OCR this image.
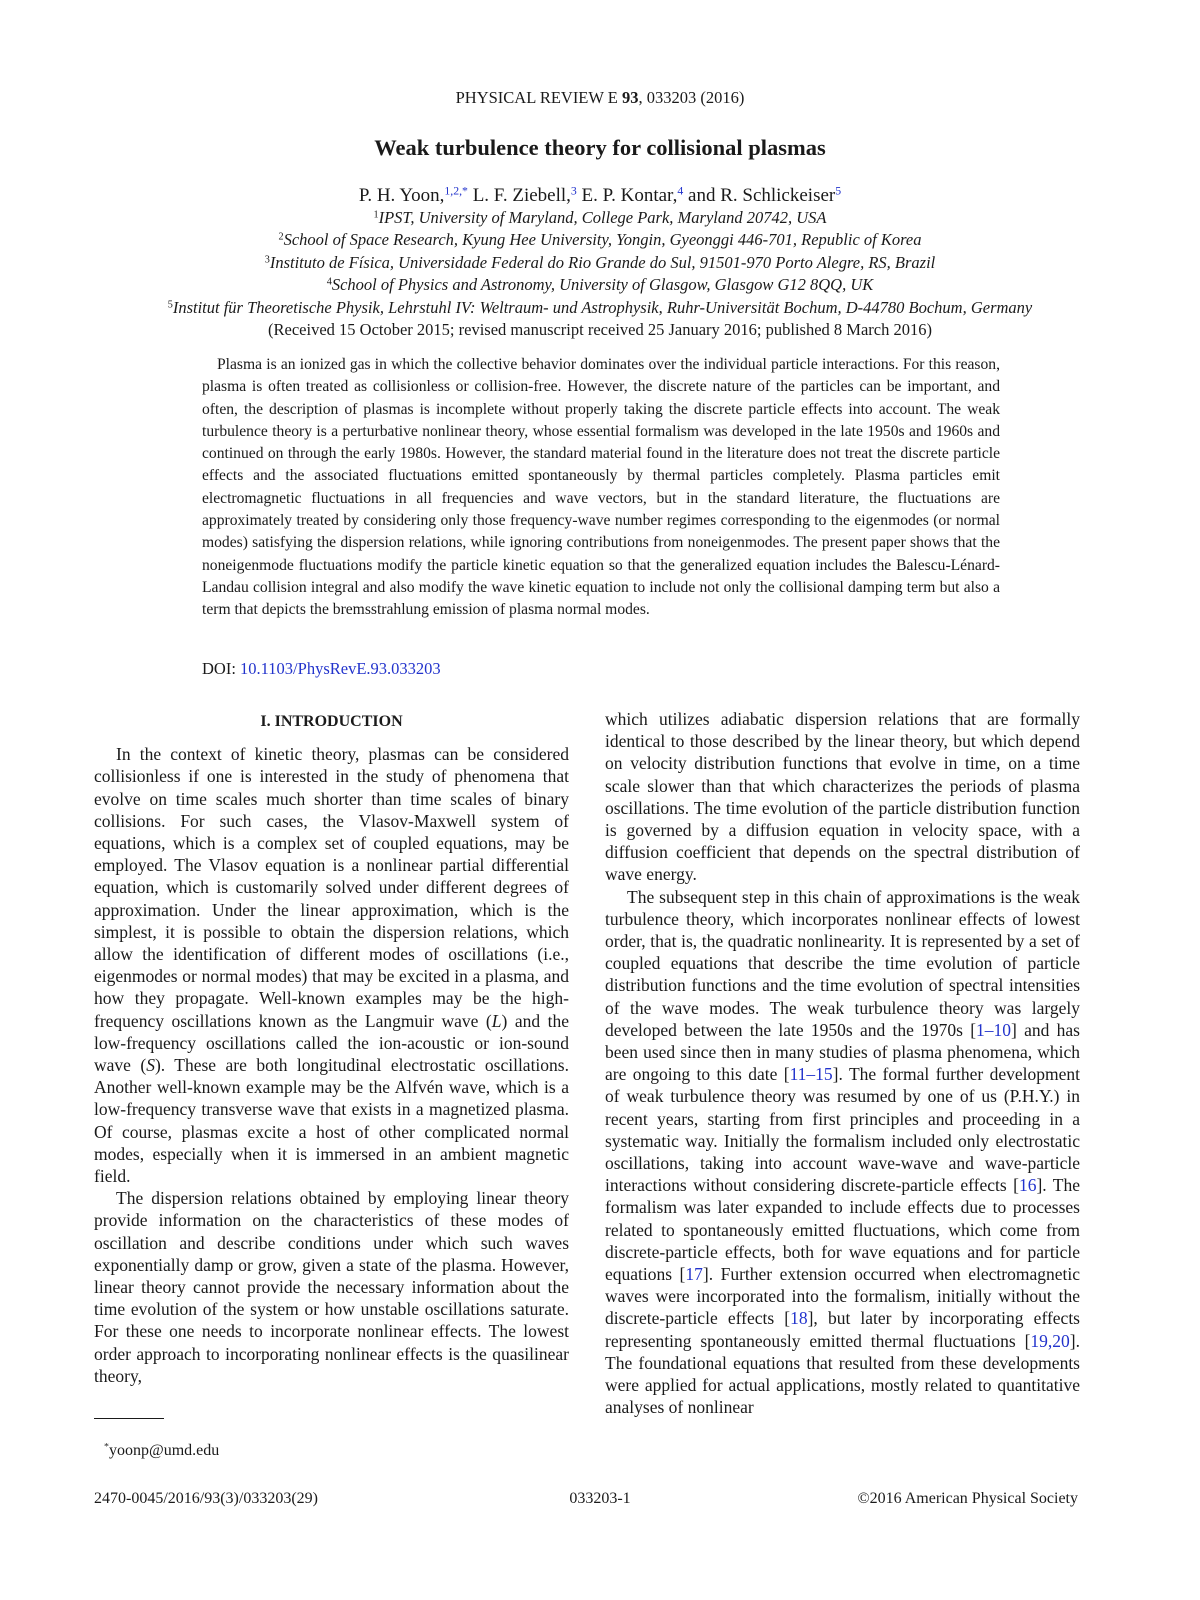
PHYSICAL REVIEW E 93, 033203 (2016)
Weak turbulence theory for collisional plasmas
P. H. Yoon,$^{1,2,*}$ L. F. Ziebell,$^3$ E. P. Kontar,$^4$ and R. Schlickeiser$^5$
$^1$IPST, University of Maryland, College Park, Maryland 20742, USA
$^2$School of Space Research, Kyung Hee University, Yongin, Gyeonggi 446-701, Republic of Korea
$^3$Instituto de Física, Universidade Federal do Rio Grande do Sul, 91501-970 Porto Alegre, RS, Brazil
$^4$School of Physics and Astronomy, University of Glasgow, Glasgow G12 8QQ, UK
$^5$Institut für Theoretische Physik, Lehrstuhl IV: Weltraum- und Astrophysik, Ruhr-Universität Bochum, D-44780 Bochum, Germany
(Received 15 October 2015; revised manuscript received 25 January 2016; published 8 March 2016)
Plasma is an ionized gas in which the collective behavior dominates over the individual particle interactions. For this reason, plasma is often treated as collisionless or collision-free. However, the discrete nature of the particles can be important, and often, the description of plasmas is incomplete without properly taking the discrete particle effects into account. The weak turbulence theory is a perturbative nonlinear theory, whose essential formalism was developed in the late 1950s and 1960s and continued on through the early 1980s. However, the standard material found in the literature does not treat the discrete particle effects and the associated fluctuations emitted spontaneously by thermal particles completely. Plasma particles emit electromagnetic fluctuations in all frequencies and wave vectors, but in the standard literature, the fluctuations are approximately treated by considering only those frequency-wave number regimes corresponding to the eigenmodes (or normal modes) satisfying the dispersion relations, while ignoring contributions from noneigenmodes. The present paper shows that the noneigenmode fluctuations modify the particle kinetic equation so that the generalized equation includes the Balescu-Lénard-Landau collision integral and also modify the wave kinetic equation to include not only the collisional damping term but also a term that depicts the bremsstrahlung emission of plasma normal modes.
DOI: 10.1103/PhysRevE.93.033203
I. INTRODUCTION

In the context of kinetic theory, plasmas can be considered collisionless if one is interested in the study of phenomena that evolve on time scales much shorter than time scales of binary collisions. For such cases, the Vlasov-Maxwell system of equations, which is a complex set of coupled equations, may be employed. The Vlasov equation is a nonlinear partial differential equation, which is customarily solved under different degrees of approximation. Under the linear approximation, which is the simplest, it is possible to obtain the dispersion relations, which allow the identification of different modes of oscillations (i.e., eigenmodes or normal modes) that may be excited in a plasma, and how they propagate. Well-known examples may be the high-frequency oscillations known as the Langmuir wave (L) and the low-frequency oscillations called the ion-acoustic or ion-sound wave (S). These are both longitudinal electrostatic oscillations. Another well-known example may be the Alfvén wave, which is a low-frequency transverse wave that exists in a magnetized plasma. Of course, plasmas excite a host of other complicated normal modes, especially when it is immersed in an ambient magnetic field.

The dispersion relations obtained by employing linear theory provide information on the characteristics of these modes of oscillation and describe conditions under which such waves exponentially damp or grow, given a state of the plasma. However, linear theory cannot provide the necessary information about the time evolution of the system or how unstable oscillations saturate. For these one needs to incorporate nonlinear effects. The lowest order approach to incorporating nonlinear effects is the quasilinear theory,

which utilizes adiabatic dispersion relations that are formally identical to those described by the linear theory, but which depend on velocity distribution functions that evolve in time, on a time scale slower than that which characterizes the periods of plasma oscillations. The time evolution of the particle distribution function is governed by a diffusion equation in velocity space, with a diffusion coefficient that depends on the spectral distribution of wave energy.

The subsequent step in this chain of approximations is the weak turbulence theory, which incorporates nonlinear effects of lowest order, that is, the quadratic nonlinearity. It is represented by a set of coupled equations that describe the time evolution of particle distribution functions and the time evolution of spectral intensities of the wave modes. The weak turbulence theory was largely developed between the late 1950s and the 1970s [1–10] and has been used since then in many studies of plasma phenomena, which are ongoing to this date [11–15]. The formal further development of weak turbulence theory was resumed by one of us (P.H.Y.) in recent years, starting from first principles and proceeding in a systematic way. Initially the formalism included only electrostatic oscillations, taking into account wave-wave and wave-particle interactions without considering discrete-particle effects [16]. The formalism was later expanded to include effects due to processes related to spontaneously emitted fluctuations, which come from discrete-particle effects, both for wave equations and for particle equations [17]. Further extension occurred when electromagnetic waves were incorporated into the formalism, initially without the discrete-particle effects [18], but later by incorporating effects representing spontaneously emitted thermal fluctuations [19,20]. The foundational equations that resulted from these developments were applied for actual applications, mostly related to quantitative analyses of nonlinear

*yoonp@umd.edu
2470-0045/2016/93(3)/033203(29)	033203-1	©2016 American Physical Society
